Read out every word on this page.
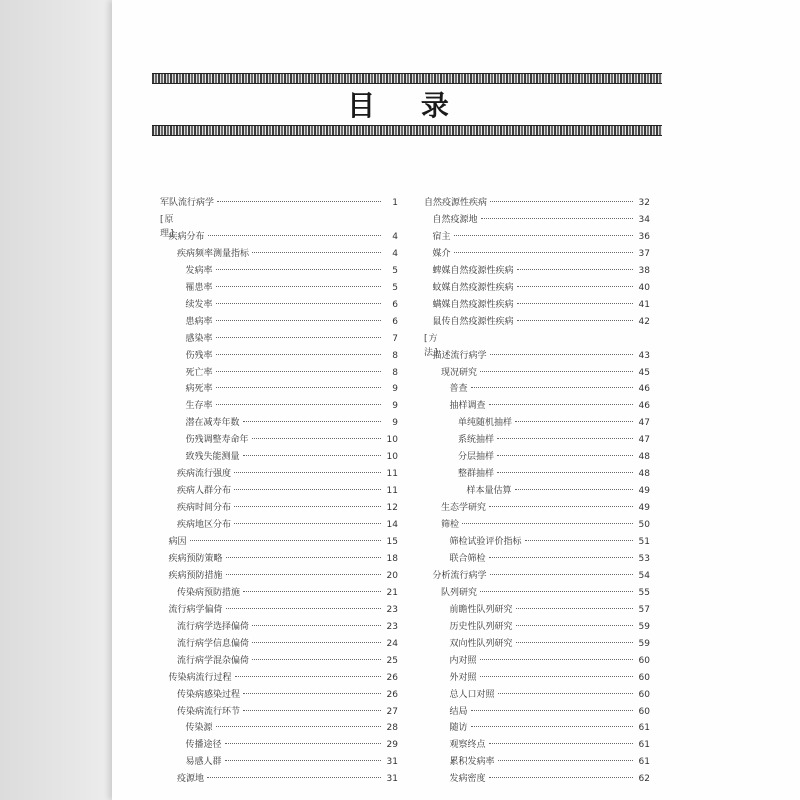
目 录
军队流行病学	1
[ 原理 ] 疾病分布	4
疾病频率测量指标	4
发病率	5
罹患率	5
续发率	6
患病率	6
感染率	7
伤残率	8
死亡率	8
病死率	9
生存率	9
潜在减寿年数	9
伤残调整寿命年	10
致残失能测量	10
疾病流行强度	11
疾病人群分布	11
疾病时间分布	12
疾病地区分布	14
病因	15
疾病预防策略	18
疾病预防措施	20
传染病预防措施	21
流行病学偏倚	23
流行病学选择偏倚	23
流行病学信息偏倚	24
流行病学混杂偏倚	25
传染病流行过程	26
传染病感染过程	26
传染病流行环节	27
传染源	28
传播途径	29
易感人群	31
疫源地	31
自然疫源性疾病	32
自然疫源地	34
宿主	36
媒介	37
蜱媒自然疫源性疾病	38
蚊媒自然疫源性疾病	40
螨媒自然疫源性疾病	41
鼠传自然疫源性疾病	42
[ 方法 ] 描述流行病学	43
现况研究	45
普查	46
抽样调查	46
单纯随机抽样	47
系统抽样	47
分层抽样	48
整群抽样	48
样本量估算	49
生态学研究	49
筛检	50
筛检试验评价指标	51
联合筛检	53
分析流行病学	54
队列研究	55
前瞻性队列研究	57
历史性队列研究	59
双向性队列研究	59
内对照	60
外对照	60
总人口对照	60
结局	60
随访	61
观察终点	61
累积发病率	61
发病密度	62
